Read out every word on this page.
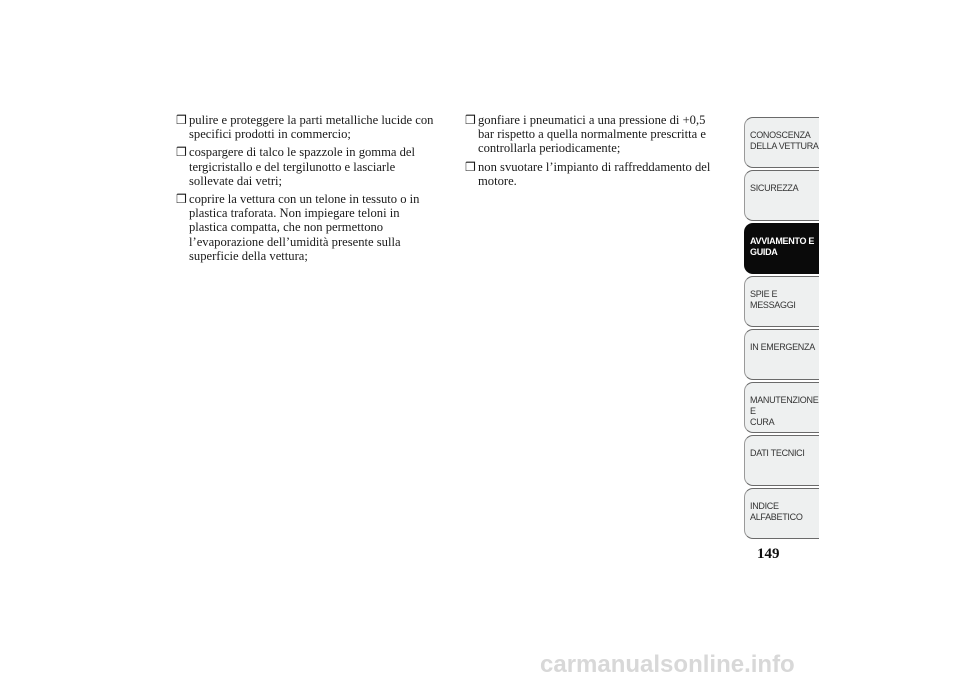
❒ pulire e proteggere la parti metalliche lucide con
specifici prodotti in commercio;
❒ cospargere di talco le spazzole in gomma del
tergicristallo e del tergilunotto e lasciarle
sollevate dai vetri;
❒ coprire la vettura con un telone in tessuto o in
plastica traforata. Non impiegare teloni in
plastica compatta, che non permettono
l’evaporazione dell’umidità presente sulla
superficie della vettura;
❒ gonfiare i pneumatici a una pressione di +0,5
bar rispetto a quella normalmente prescritta e
controllarla periodicamente;
❒ non svuotare l’impianto di raffreddamento del
motore.
CONOSCENZA
DELLA VETTURA
SICUREZZA
AVVIAMENTO E
GUIDA
SPIE E MESSAGGI
IN EMERGENZA
MANUTENZIONE E
CURA
DATI TECNICI
INDICE
ALFABETICO
149
carmanualsonline.info
